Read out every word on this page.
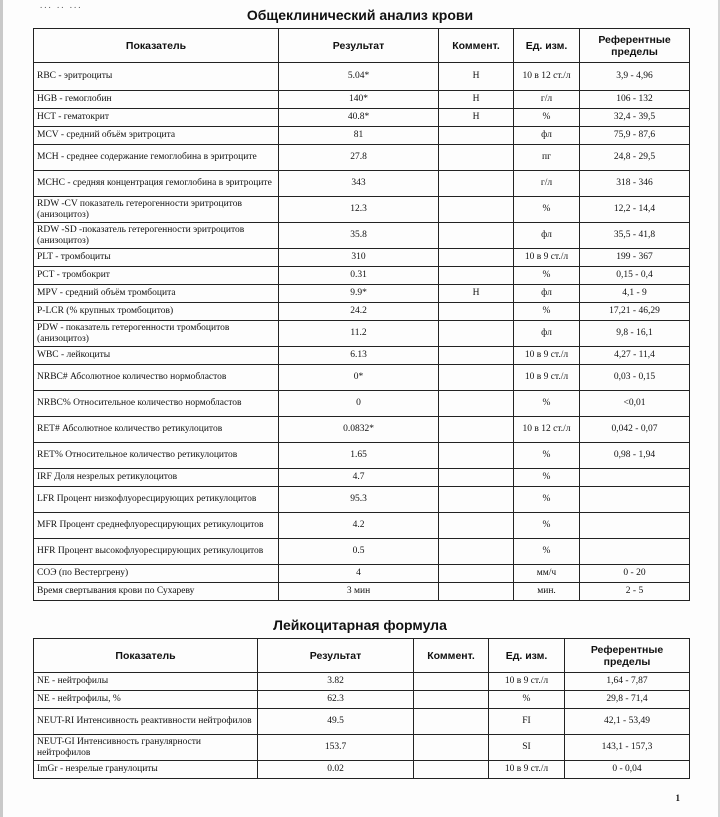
... .. ...
Общеклинический анализ крови
Показатель	Результат	Коммент.	Ед. изм.	Референтные
пределы

RBC - эритроциты	5.04*	Н	10 в 12 ст./л	3,9 - 4,96
HGB - гемоглобин	140*	Н	г/л	106 - 132
HCT - гематокрит	40.8*	Н	%	32,4 - 39,5
MCV - средний объём эритроцита	81		фл	75,9 - 87,6
MCH - среднее содержание гемоглобина в эритроците	27.8		пг	24,8 - 29,5
MCHC - средняя концентрация гемоглобина в эритроците	343		г/л	318 - 346
RDW -CV показатель гетерогенности эритроцитов (анизоцитоз)	12.3		%	12,2 - 14,4
RDW -SD -показатель гетерогенности эритроцитов (анизоцитоз)	35.8		фл	35,5 - 41,8
PLT - тромбоциты	310		10 в 9 ст./л	199 - 367
PCT - тромбокрит	0.31		%	0,15 - 0,4
MPV - средний объём тромбоцита	9.9*	Н	фл	4,1 - 9
P-LCR (% крупных тромбоцитов)	24.2		%	17,21 - 46,29
PDW - показатель гетерогенности тромбоцитов (анизоцитоз)	11.2		фл	9,8 - 16,1
WBC - лейкоциты	6.13		10 в 9 ст./л	4,27 - 11,4
NRBC# Абсолютное количество нормобластов	0*		10 в 9 ст./л	0,03 - 0,15
NRBC% Относительное количество нормобластов	0		%	<0,01
RET# Абсолютное количество ретикулоцитов	0.0832*		10 в 12 ст./л	0,042 - 0,07
RET% Относительное количество ретикулоцитов	1.65		%	0,98 - 1,94
IRF Доля незрелых ретикулоцитов	4.7		%	
LFR Процент низкофлуоресцирующих ретикулоцитов	95.3		%	
MFR Процент среднефлуоресцирующих ретикулоцитов	4.2		%	
HFR Процент высокофлуоресцирующих ретикулоцитов	0.5		%	
СОЭ (по Вестергрену)	4		мм/ч	0 - 20
Время свертывания крови по Сухареву	3 мин		мин.	2 - 5
Лейкоцитарная формула
Показатель	Результат	Коммент.	Ед. изм.	Референтные
пределы

NE - нейтрофилы	3.82		10 в 9 ст./л	1,64 - 7,87
NE - нейтрофилы, %	62.3		%	29,8 - 71,4
NEUT-RI Интенсивность реактивности нейтрофилов	49.5		FI	42,1 - 53,49
NEUT-GI Интенсивность гранулярности нейтрофилов	153.7		SI	143,1 - 157,3
ImGr - незрелые гранулоциты	0.02		10 в 9 ст./л	0 - 0,04
1
